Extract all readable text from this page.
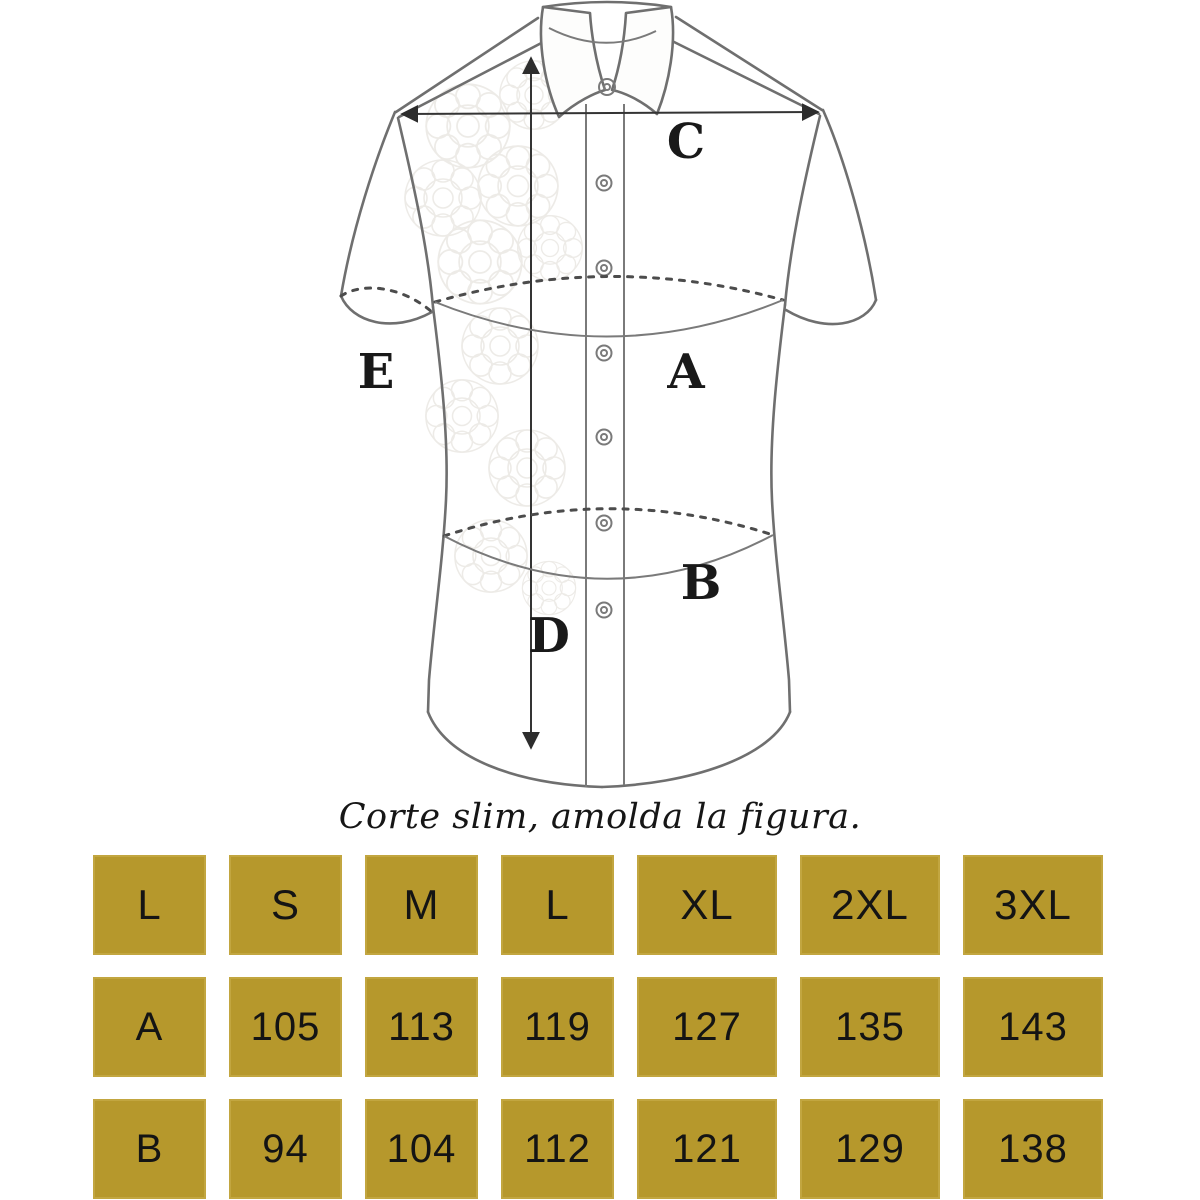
C
A
E
B
D
Corte slim, amolda la figura.
L	S	M	L	XL	2XL	3XL
A	105	113	119	127	135	143
B	94	104	112	121	129	138
